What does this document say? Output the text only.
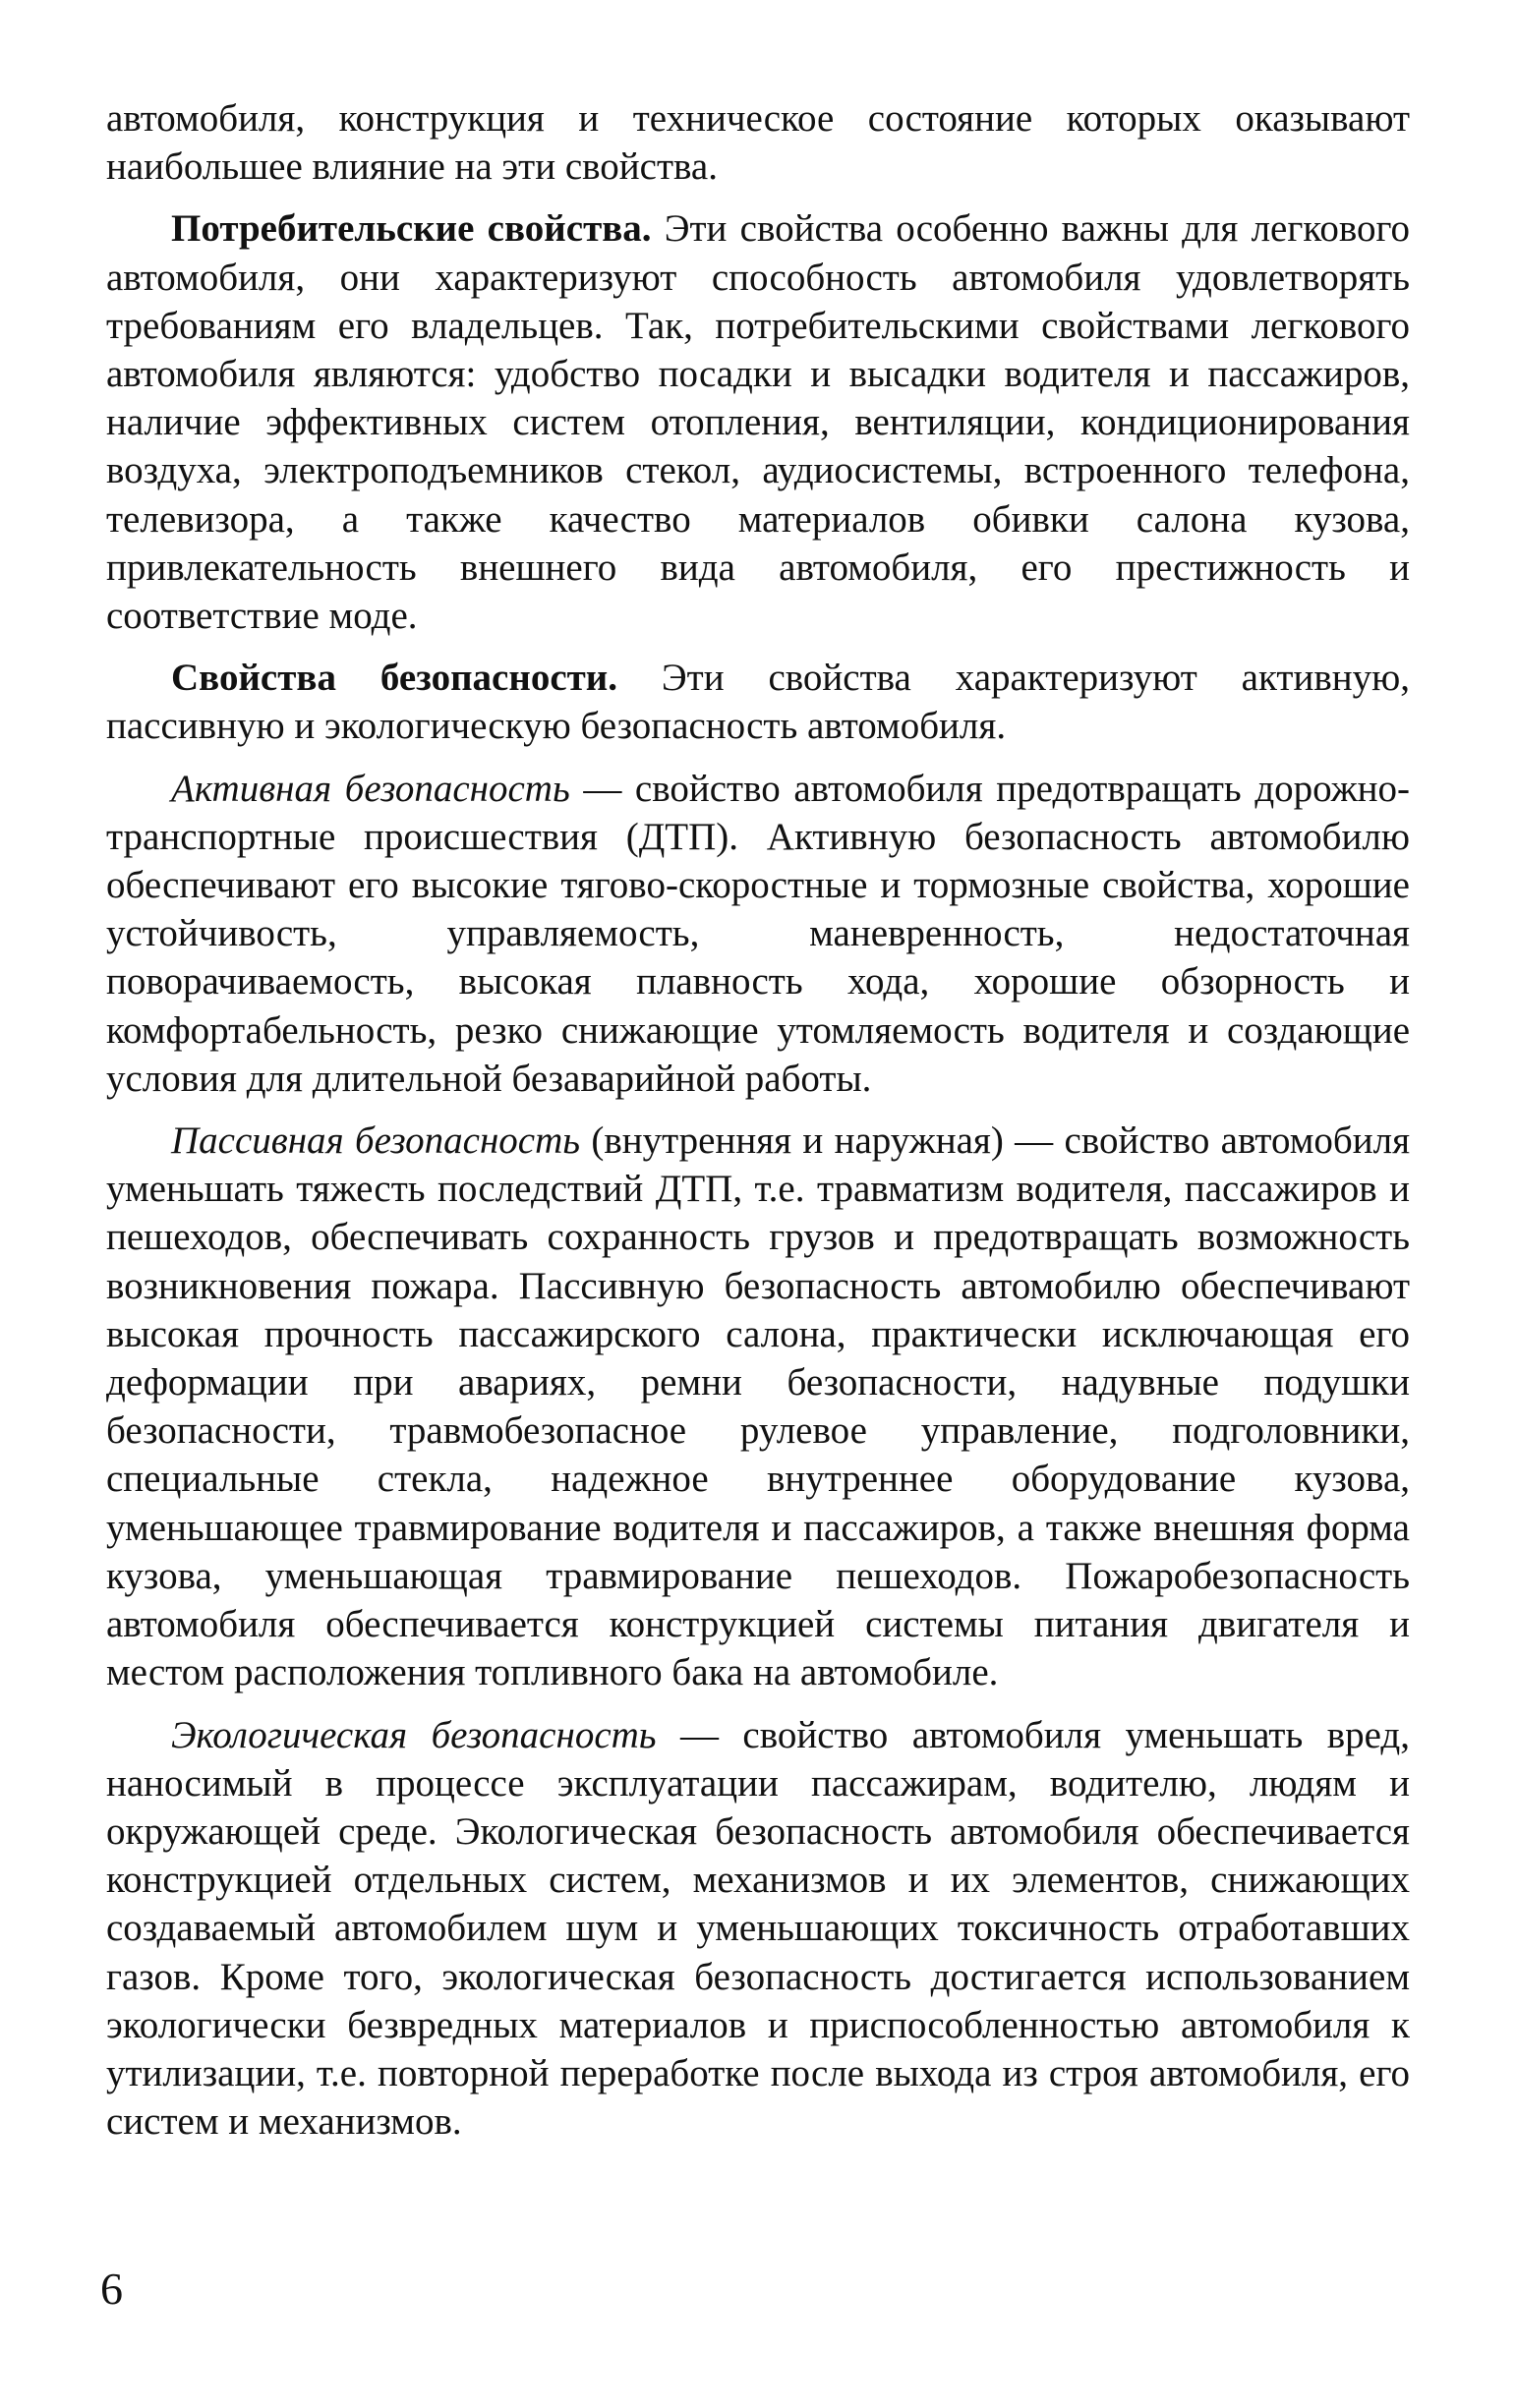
автомобиля, конструкция и техническое состояние которых оказывают наибольшее влияние на эти свойства.

Потребительские свойства. Эти свойства особенно важны для легкового автомобиля, они характеризуют способность автомобиля удовлетворять требованиям его владельцев. Так, потребительскими свойствами легкового автомобиля являются: удобство посадки и высадки водителя и пассажиров, наличие эффективных систем отопления, вентиляции, кондиционирования воздуха, электроподъемников стекол, аудиосистемы, встроенного телефона, телевизора, а также качество материалов обивки салона кузова, привлекательность внешнего вида автомобиля, его престижность и соответствие моде.

Свойства безопасности. Эти свойства характеризуют активную, пассивную и экологическую безопасность автомобиля.

Активная безопасность — свойство автомобиля предотвращать дорожно-транспортные происшествия (ДТП). Активную безопасность автомобилю обеспечивают его высокие тягово-скоростные и тормозные свойства, хорошие устойчивость, управляемость, маневренность, недостаточная поворачиваемость, высокая плавность хода, хорошие обзорность и комфортабельность, резко снижающие утомляемость водителя и создающие условия для длительной безаварийной работы.

Пассивная безопасность (внутренняя и наружная) — свойство автомобиля уменьшать тяжесть последствий ДТП, т.е. травматизм водителя, пассажиров и пешеходов, обеспечивать сохранность грузов и предотвращать возможность возникновения пожара. Пассивную безопасность автомобилю обеспечивают высокая прочность пассажирского салона, практически исключающая его деформации при авариях, ремни безопасности, надувные подушки безопасности, травмобезопасное рулевое управление, подголовники, специальные стекла, надежное внутреннее оборудование кузова, уменьшающее травмирование водителя и пассажиров, а также внешняя форма кузова, уменьшающая травмирование пешеходов. Пожаробезопасность автомобиля обеспечивается конструкцией системы питания двигателя и местом расположения топливного бака на автомобиле.

Экологическая безопасность — свойство автомобиля уменьшать вред, наносимый в процессе эксплуатации пассажирам, водителю, людям и окружающей среде. Экологическая безопасность автомобиля обеспечивается конструкцией отдельных систем, механизмов и их элементов, снижающих создаваемый автомобилем шум и уменьшающих токсичность отработавших газов. Кроме того, экологическая безопасность достигается использованием экологически безвредных материалов и приспособленностью автомобиля к утилизации, т.е. повторной переработке после выхода из строя автомобиля, его систем и механизмов.

6
